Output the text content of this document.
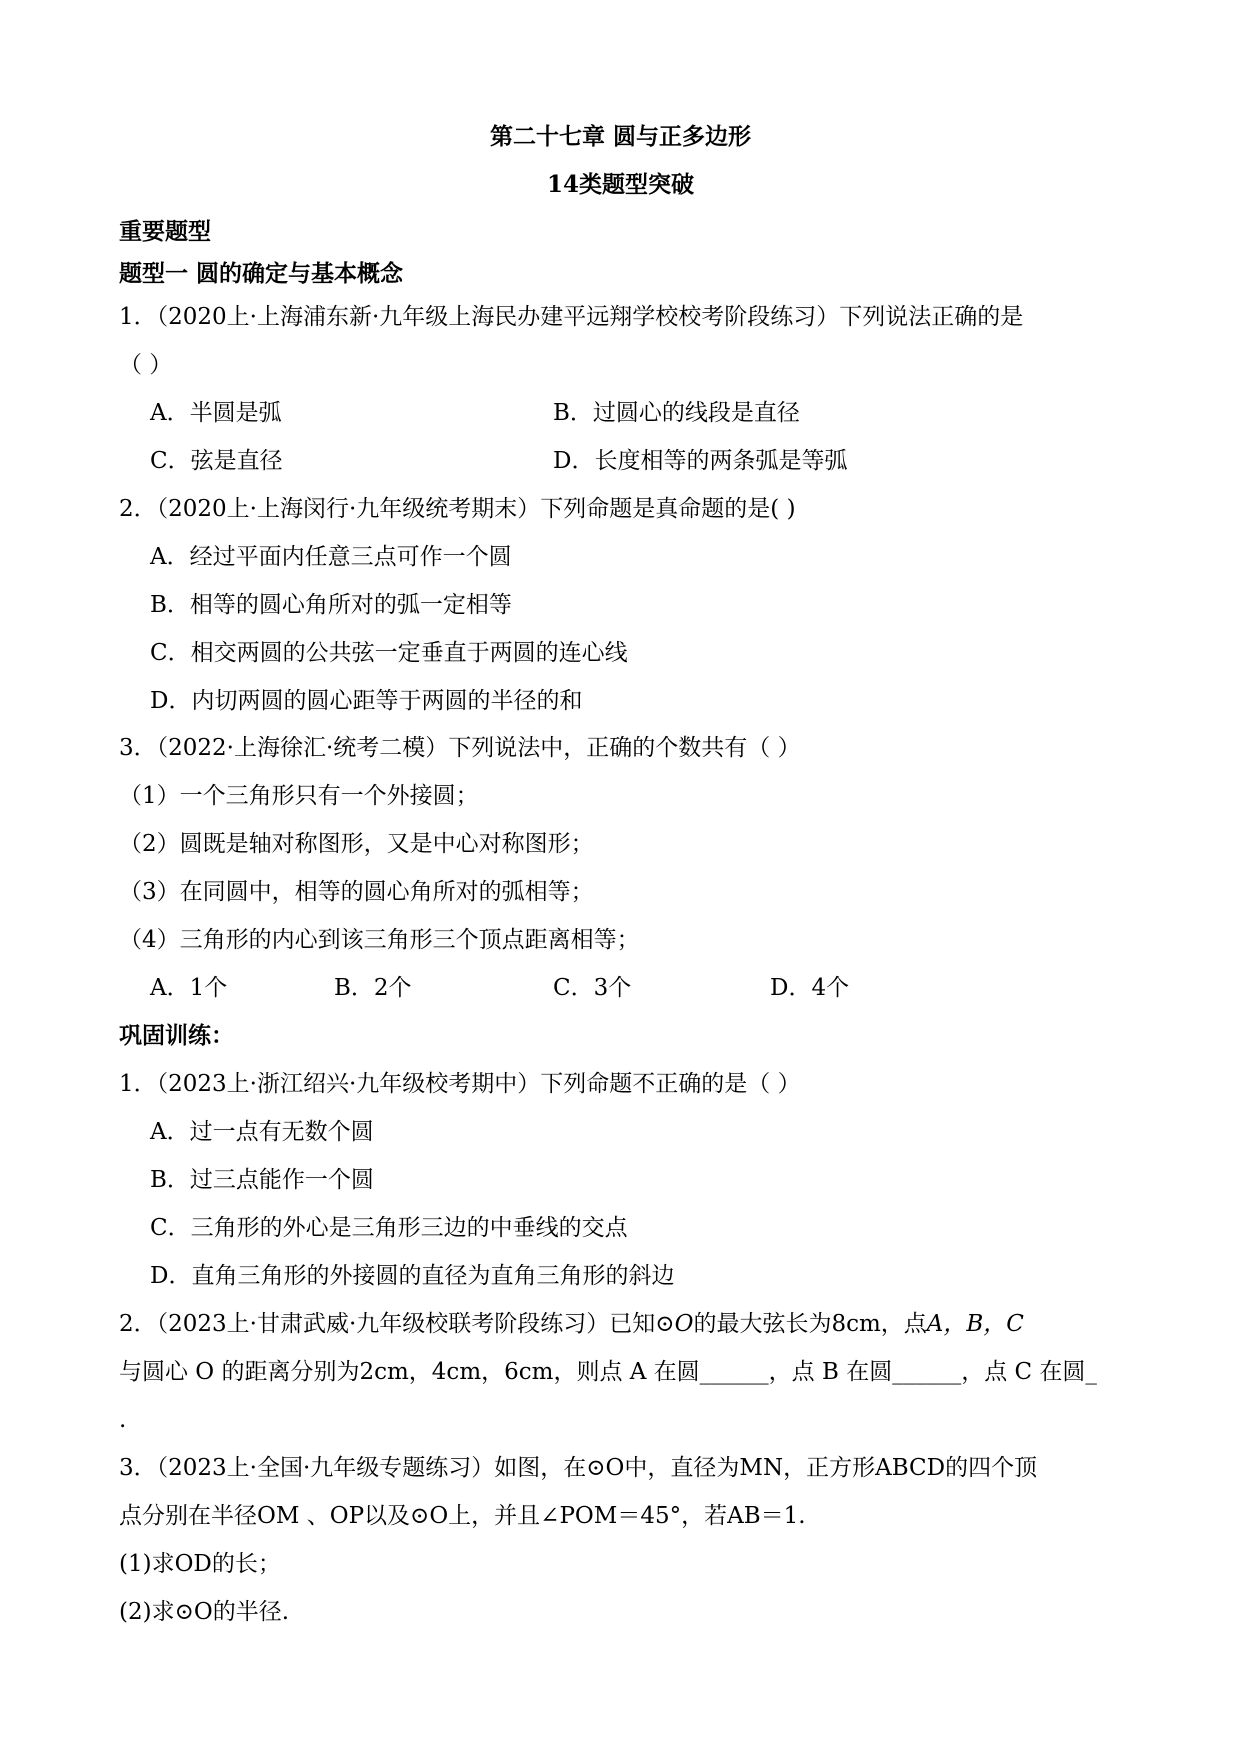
第二十七章 圆与正多边形
14类题型突破
重要题型
题型一 圆的确定与基本概念
1．（2020上·上海浦东新·九年级上海民办建平远翔学校校考阶段练习）下列说法正确的是
（ ）
A．半圆是弧	B．过圆心的线段是直径
C．弦是直径	D．长度相等的两条弧是等弧
2．（2020上·上海闵行·九年级统考期末）下列命题是真命题的是( )
A．经过平面内任意三点可作一个圆
B．相等的圆心角所对的弧一定相等
C．相交两圆的公共弦一定垂直于两圆的连心线
D．内切两圆的圆心距等于两圆的半径的和
3．（2022·上海徐汇·统考二模）下列说法中，正确的个数共有（ ）
（1）一个三角形只有一个外接圆；
（2）圆既是轴对称图形，又是中心对称图形；
（3）在同圆中，相等的圆心角所对的弧相等；
（4）三角形的内心到该三角形三个顶点距离相等；
A．1个	B．2个	C．3个	D．4个
巩固训练：
1．（2023上·浙江绍兴·九年级校考期中）下列命题不正确的是（ ）
A．过一点有无数个圆
B．过三点能作一个圆
C．三角形的外心是三角形三边的中垂线的交点
D．直角三角形的外接圆的直径为直角三角形的斜边
2．（2023上·甘肃武威·九年级校联考阶段练习）已知⊙O的最大弦长为8cm，点A，B，C
与圆心 O 的距离分别为2cm，4cm，6cm，则点 A 在圆______，点 B 在圆______，点 C 在圆_
.
3．（2023上·全国·九年级专题练习）如图，在⊙O中，直径为MN，正方形ABCD的四个顶
点分别在半径OM 、OP以及⊙O上，并且∠POM＝45°，若AB＝1.
(1)求OD的长；
(2)求⊙O的半径.
